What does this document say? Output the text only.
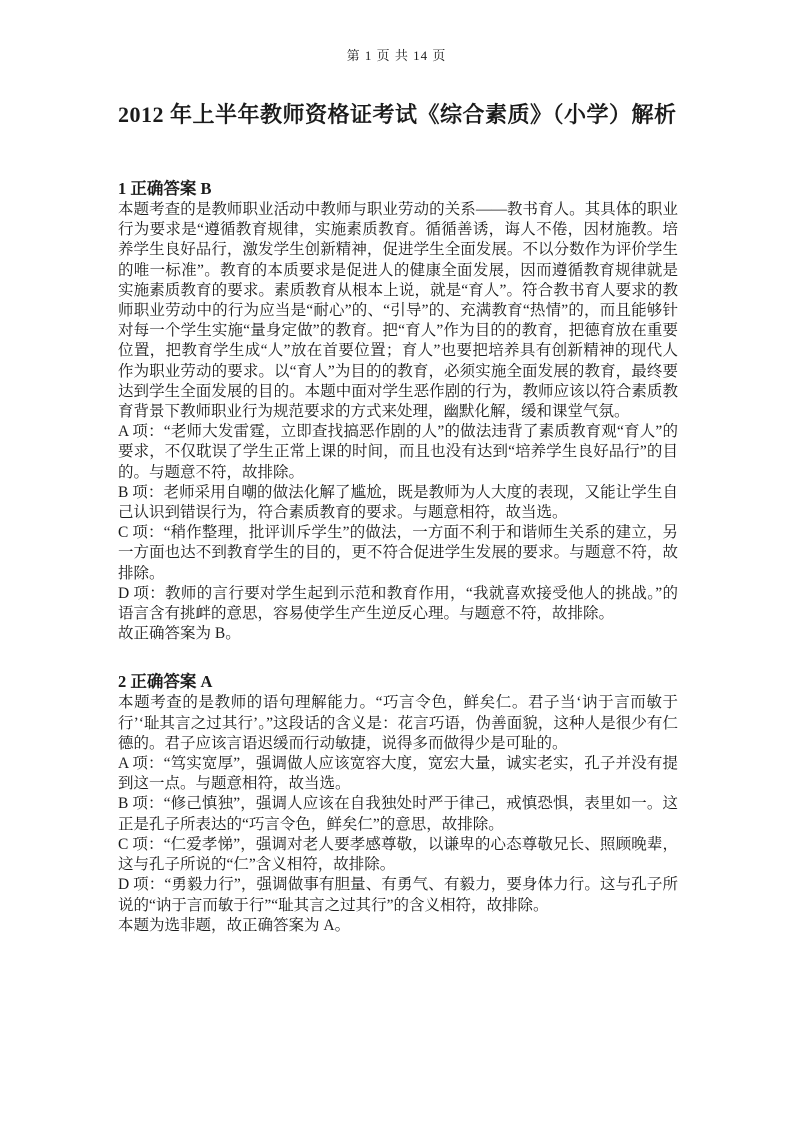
第 1 页 共 14 页
2012 年上半年教师资格证考试《综合素质》（小学）解析
1 正确答案 B

本题考查的是教师职业活动中教师与职业劳动的关系——教书育人。其具体的职业行为要求是“遵循教育规律，实施素质教育。循循善诱，诲人不倦，因材施教。培养学生良好品行，激发学生创新精神，促进学生全面发展。不以分数作为评价学生的唯一标准”。教育的本质要求是促进人的健康全面发展，因而遵循教育规律就是实施素质教育的要求。素质教育从根本上说，就是“育人”。符合教书育人要求的教师职业劳动中的行为应当是“耐心”的、“引导”的、充满教育“热情”的，而且能够针对每一个学生实施“量身定做”的教育。把“育人”作为目的的教育，把德育放在重要位置，把教育学生成“人”放在首要位置；育人”也要把培养具有创新精神的现代人作为职业劳动的要求。以“育人”为目的的教育，必须实施全面发展的教育，最终要达到学生全面发展的目的。本题中面对学生恶作剧的行为，教师应该以符合素质教育背景下教师职业行为规范要求的方式来处理，幽默化解，缓和课堂气氛。

A 项：“老师大发雷霆，立即查找搞恶作剧的人”的做法违背了素质教育观“育人”的要求，不仅耽误了学生正常上课的时间，而且也没有达到“培养学生良好品行”的目的。与题意不符，故排除。

B 项：老师采用自嘲的做法化解了尴尬，既是教师为人大度的表现，又能让学生自己认识到错误行为，符合素质教育的要求。与题意相符，故当选。

C 项：“稍作整理，批评训斥学生”的做法，一方面不利于和谐师生关系的建立，另一方面也达不到教育学生的目的，更不符合促进学生发展的要求。与题意不符，故排除。

D 项：教师的言行要对学生起到示范和教育作用，“我就喜欢接受他人的挑战。”的语言含有挑衅的意思，容易使学生产生逆反心理。与题意不符，故排除。

故正确答案为 B。

2 正确答案 A

本题考查的是教师的语句理解能力。“巧言令色，鲜矣仁。君子当‘讷于言而敏于行’‘耻其言之过其行’。”这段话的含义是：花言巧语，伪善面貌，这种人是很少有仁德的。君子应该言语迟缓而行动敏捷，说得多而做得少是可耻的。

A 项：“笃实宽厚”，强调做人应该宽容大度，宽宏大量，诚实老实，孔子并没有提到这一点。与题意相符，故当选。

B 项：“修己慎独”，强调人应该在自我独处时严于律己，戒慎恐惧，表里如一。这正是孔子所表达的“巧言令色，鲜矣仁”的意思，故排除。

C 项：“仁爱孝悌”，强调对老人要孝感尊敬，以谦卑的心态尊敬兄长、照顾晚辈，这与孔子所说的“仁”含义相符，故排除。

D 项：“勇毅力行”，强调做事有胆量、有勇气、有毅力，要身体力行。这与孔子所说的“讷于言而敏于行”“耻其言之过其行”的含义相符，故排除。

本题为选非题，故正确答案为 A。
